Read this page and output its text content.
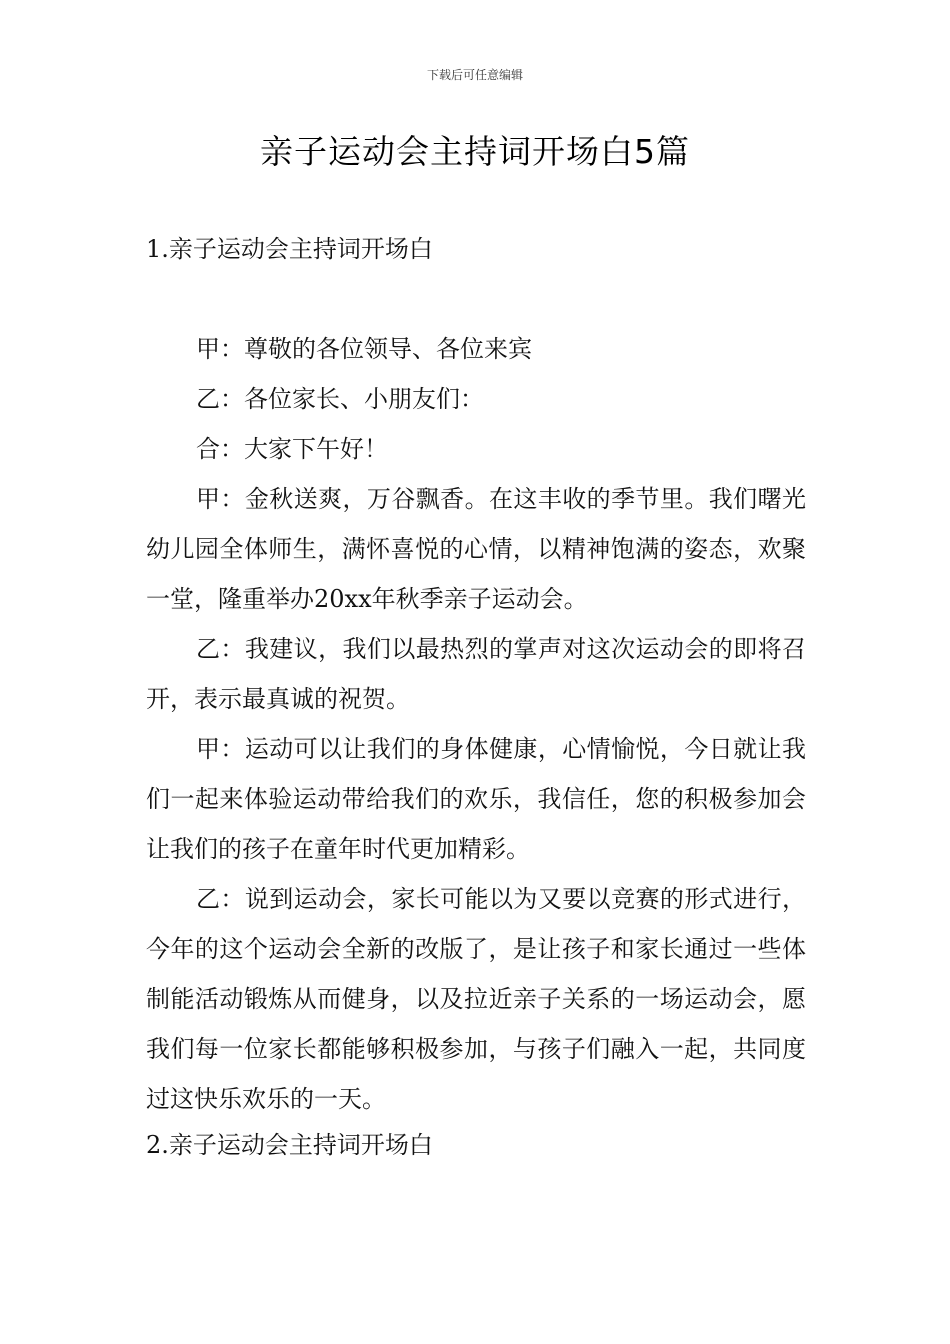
下载后可任意编辑
亲子运动会主持词开场白5篇
1.亲子运动会主持词开场白

甲：尊敬的各位领导、各位来宾

乙：各位家长、小朋友们：

合：大家下午好！

甲：金秋送爽，万谷飘香。在这丰收的季节里。我们曙光幼儿园全体师生，满怀喜悦的心情，以精神饱满的姿态，欢聚一堂，隆重举办20xx年秋季亲子运动会。

乙：我建议，我们以最热烈的掌声对这次运动会的即将召开，表示最真诚的祝贺。

甲：运动可以让我们的身体健康，心情愉悦，今日就让我们一起来体验运动带给我们的欢乐，我信任，您的积极参加会让我们的孩子在童年时代更加精彩。

乙：说到运动会，家长可能以为又要以竞赛的形式进行，今年的这个运动会全新的改版了，是让孩子和家长通过一些体制能活动锻炼从而健身，以及拉近亲子关系的一场运动会，愿我们每一位家长都能够积极参加，与孩子们融入一起，共同度过这快乐欢乐的一天。

2.亲子运动会主持词开场白
